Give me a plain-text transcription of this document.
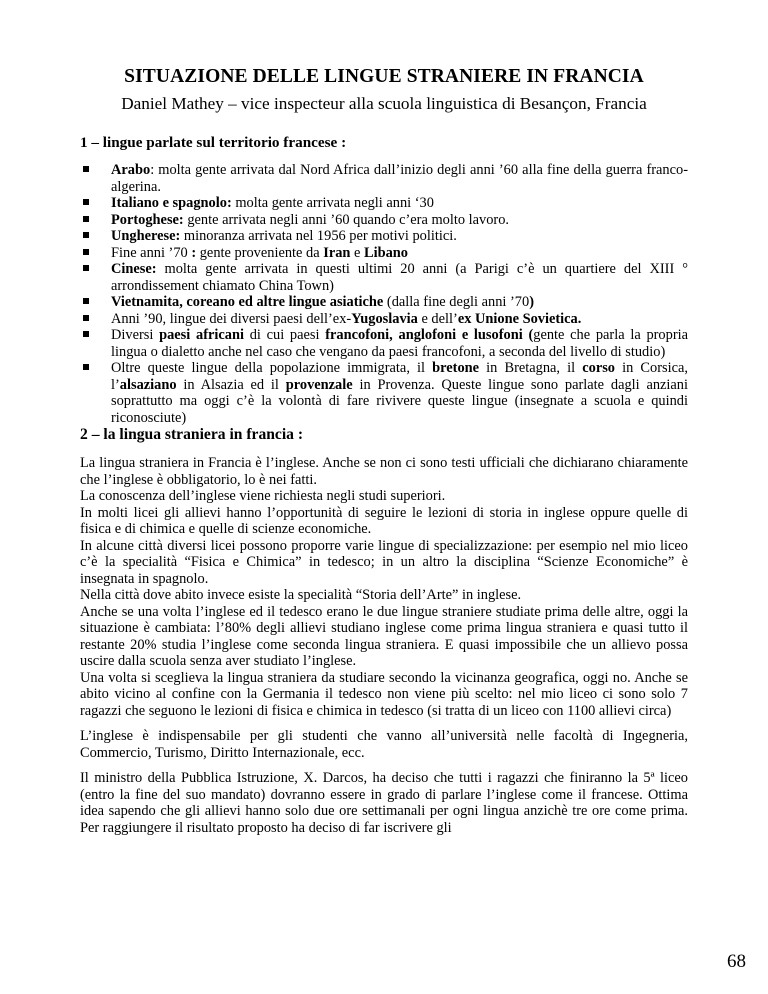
SITUAZIONE DELLE LINGUE STRANIERE IN FRANCIA
Daniel Mathey – vice inspecteur alla scuola linguistica di Besançon, Francia
1 – lingue parlate sul territorio francese :
Arabo: molta gente arrivata dal Nord Africa dall’inizio degli anni ’60 alla fine della guerra franco-algerina.
Italiano e spagnolo: molta gente arrivata negli anni ‘30
Portoghese: gente arrivata negli anni ’60 quando c’era molto lavoro.
Ungherese: minoranza arrivata nel 1956 per motivi politici.
Fine anni ’70 : gente proveniente da Iran e Libano
Cinese: molta gente arrivata in questi ultimi 20 anni (a Parigi c’è un quartiere del XIII ° arrondissement chiamato China Town)
Vietnamita, coreano ed altre lingue asiatiche (dalla fine degli anni ’70)
Anni ’90, lingue dei diversi paesi dell’ex-Yugoslavia e dell’ex Unione Sovietica.
Diversi paesi africani di cui paesi francofoni, anglofoni e lusofoni (gente che parla la propria lingua o dialetto anche nel caso che vengano da paesi francofoni, a seconda del livello di studio)
Oltre queste lingue della popolazione immigrata, il bretone in Bretagna, il corso in Corsica, l’alsaziano in Alsazia ed il provenzale in Provenza. Queste lingue sono parlate dagli anziani soprattutto ma oggi c’è la volontà di fare rivivere queste lingue (insegnate a scuola e quindi riconosciute)
2 – la lingua straniera in francia :

La lingua straniera in Francia è l’inglese. Anche se non ci sono testi ufficiali che dichiarano chiaramente che l’inglese è obbligatorio, lo è nei fatti.

La conoscenza dell’inglese viene richiesta negli studi superiori.

In molti licei gli allievi hanno l’opportunità di seguire le lezioni di storia in inglese oppure quelle di fisica e di chimica e quelle di scienze economiche.

In alcune città diversi licei possono proporre varie lingue di specializzazione: per esempio nel mio liceo c’è la specialità “Fisica e Chimica” in tedesco; in un altro la disciplina “Scienze Economiche” è insegnata in spagnolo.

Nella città dove abito invece esiste la specialità “Storia dell’Arte” in inglese.

Anche se una volta l’inglese ed il tedesco erano le due lingue straniere studiate prima delle altre, oggi la situazione è cambiata: l’80% degli allievi studiano inglese come prima lingua straniera e quasi tutto il restante 20% studia l’inglese come seconda lingua straniera. E quasi impossibile che un allievo possa uscire dalla scuola senza aver studiato l’inglese.

Una volta si sceglieva la lingua straniera da studiare secondo la vicinanza geografica, oggi no. Anche se abito vicino al confine con la Germania il tedesco non viene più scelto: nel mio liceo ci sono solo 7 ragazzi che seguono le lezioni di fisica e chimica in tedesco (si tratta di un liceo con 1100 allievi circa)

L’inglese è indispensabile per gli studenti che vanno all’università nelle facoltà di Ingegneria, Commercio, Turismo, Diritto Internazionale, ecc.

Il ministro della Pubblica Istruzione, X. Darcos, ha deciso che tutti i ragazzi che finiranno la 5ª liceo (entro la fine del suo mandato) dovranno essere in grado di parlare l’inglese come il francese. Ottima idea sapendo che gli allievi hanno solo due ore settimanali per ogni lingua anzichè tre ore come prima. Per raggiungere il risultato proposto ha deciso di far iscrivere gli

68
